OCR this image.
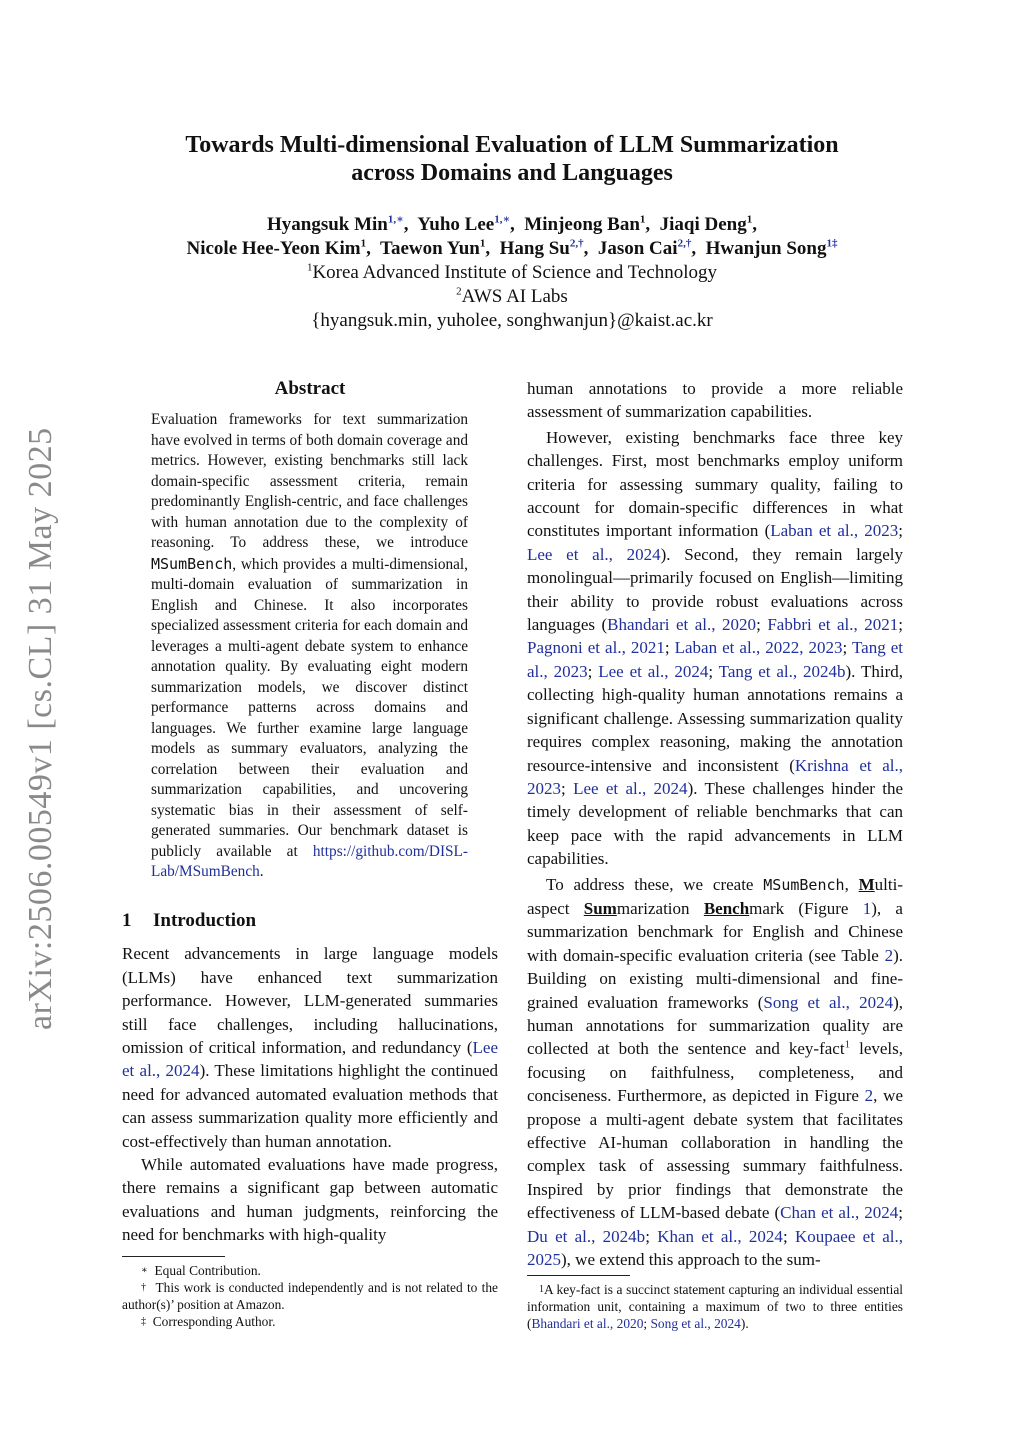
arXiv:2506.00549v1 [cs.CL] 31 May 2025
Towards Multi-dimensional Evaluation of LLM Summarization
across Domains and Languages
Hyangsuk Min$^{1,∗}$,  Yuho Lee$^{1,∗}$,  Minjeong Ban$^1$,  Jiaqi Deng$^1$,
Nicole Hee-Yeon Kim$^1$,  Taewon Yun$^1$,  Hang Su$^{2,\dagger}$,  Jason Cai$^{2,\dagger}$,  Hwanjun Song$^{1\ddagger}$
$^1$Korea Advanced Institute of Science and Technology
$^2$AWS AI Labs
{hyangsuk.min, yuholee, songhwanjun}@kaist.ac.kr
Abstract
Evaluation frameworks for text summarization have evolved in terms of both domain coverage and metrics. However, existing benchmarks still lack domain-specific assessment criteria, remain predominantly English-centric, and face challenges with human annotation due to the complexity of reasoning. To address these, we introduce MSumBench, which provides a multi-dimensional, multi-domain evaluation of summarization in English and Chinese. It also incorporates specialized assessment criteria for each domain and leverages a multi-agent debate system to enhance annotation quality. By evaluating eight modern summarization models, we discover distinct performance patterns across domains and languages. We further examine large language models as summary evaluators, analyzing the correlation between their evaluation and summarization capabilities, and uncovering systematic bias in their assessment of self-generated summaries. Our benchmark dataset is publicly available at https://github.com/DISL-Lab/MSumBench.
1 Introduction

Recent advancements in large language models (LLMs) have enhanced text summarization performance. However, LLM-generated summaries still face challenges, including hallucinations, omission of critical information, and redundancy (Lee et al., 2024). These limitations highlight the continued need for advanced automated evaluation methods that can assess summarization quality more efficiently and cost-effectively than human annotation.

While automated evaluations have made progress, there remains a significant gap between automatic evaluations and human judgments, reinforcing the need for benchmarks with high-quality

human annotations to provide a more reliable assessment of summarization capabilities.

However, existing benchmarks face three key challenges. First, most benchmarks employ uniform criteria for assessing summary quality, failing to account for domain-specific differences in what constitutes important information (Laban et al., 2023; Lee et al., 2024). Second, they remain largely monolingual—primarily focused on English—limiting their ability to provide robust evaluations across languages (Bhandari et al., 2020; Fabbri et al., 2021; Pagnoni et al., 2021; Laban et al., 2022, 2023; Tang et al., 2023; Lee et al., 2024; Tang et al., 2024b). Third, collecting high-quality human annotations remains a significant challenge. Assessing summarization quality requires complex reasoning, making the annotation resource-intensive and inconsistent (Krishna et al., 2023; Lee et al., 2024). These challenges hinder the timely development of reliable benchmarks that can keep pace with the rapid advancements in LLM capabilities.

To address these, we create MSumBench, Multi-aspect Summarization Benchmark (Figure 1), a summarization benchmark for English and Chinese with domain-specific evaluation criteria (see Table 2). Building on existing multi-dimensional and fine-grained evaluation frameworks (Song et al., 2024), human annotations for summarization quality are collected at both the sentence and key-fact$^1$ levels, focusing on faithfulness, completeness, and conciseness. Furthermore, as depicted in Figure 2, we propose a multi-agent debate system that facilitates effective AI-human collaboration in handling the complex task of assessing summary faithfulness. Inspired by prior findings that demonstrate the effectiveness of LLM-based debate (Chan et al., 2024; Du et al., 2024b; Khan et al., 2024; Koupaee et al., 2025), we extend this approach to the sum-

∗ Equal Contribution.
† This work is conducted independently and is not related to the author(s)’ position at Amazon.
‡ Corresponding Author.
$^1$A key-fact is a succinct statement capturing an individual essential information unit, containing a maximum of two to three entities (Bhandari et al., 2020; Song et al., 2024).
